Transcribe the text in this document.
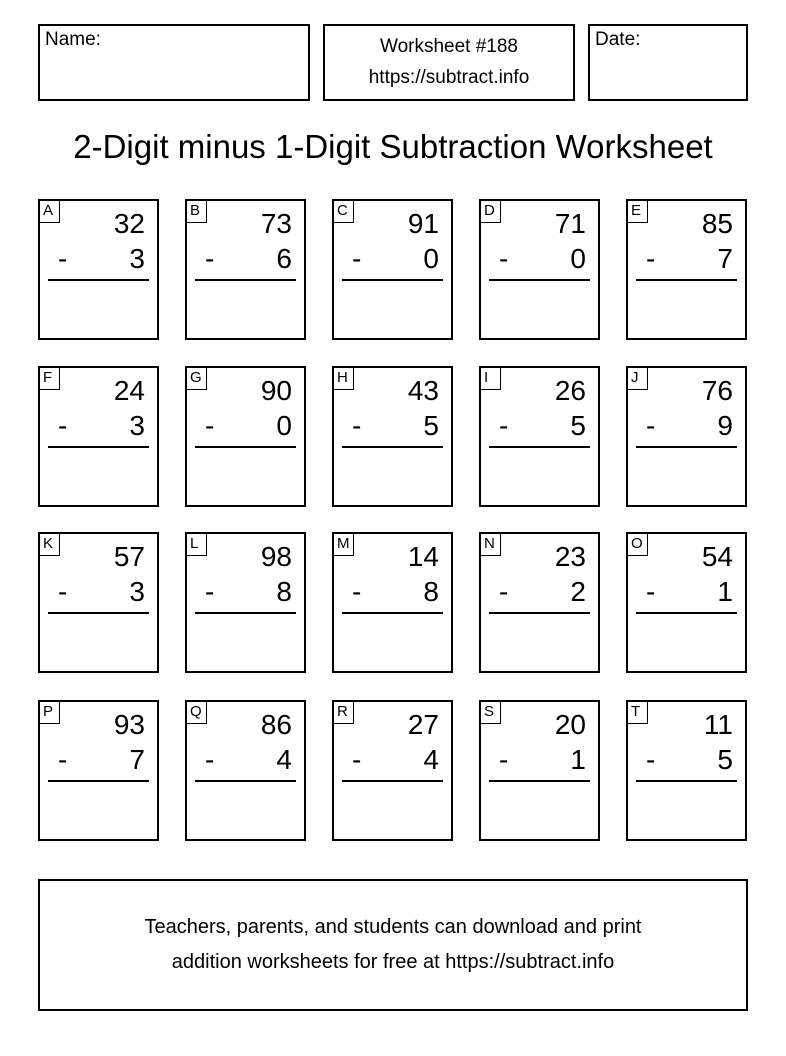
Name:	Worksheet #188
https://subtract.info
Date:
2-Digit minus 1-Digit Subtraction Worksheet
A 32
- 3
B 73
- 6
C 91
- 0
D 71
- 0
E 85
- 7
F 24
- 3
G 90
- 0
H 43
- 5
I	26
- 5
J	76
- 9
K 57
- 3
L	98
- 8
M 14
- 8
N 23
- 2
O 54
- 1
P 93
- 7
Q 86
- 4
R 27
- 4
S 20
- 1
T 11
- 5
Teachers, parents, and students can download and print
addition worksheets for free at https://subtract.info
